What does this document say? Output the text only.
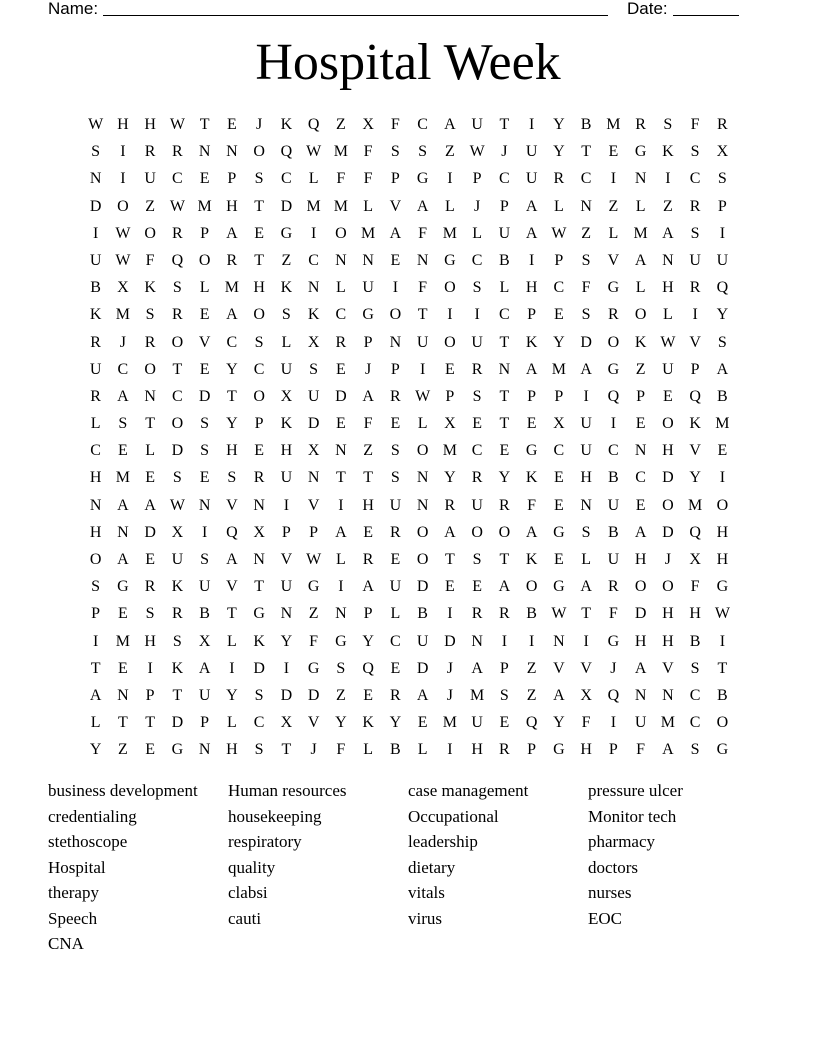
Name:	Date:
Hospital Week
W H H W T	E	J	K Q	Z	X	F	C	A U	T	I	Y	B M R	S	F	R
S	I	R	R	N N O Q W M F	S	S	Z W	J	U Y	T	E	G K	S	X
N	I	U	C	E	P	S	C	L	F	F	P	G	I	P	C	U	R	C	I	N	I	C	S
D O	Z W M H	T	D M M L	V A	L	J	P	A	L	N	Z	L	Z	R	P
I	W O	R	P	A	E	G	I	O M A	F M L	U A W Z	L M A	S	I
U W F	Q O	R	T	Z	C	N N	E	N G	C	B	I	P	S	V A N U U
B	X K	S	L M H K N	L	U	I	F	O	S	L	H	C	F	G	L	H	R	Q
K M S	R	E	A O	S	K	C	G O	T	I	I	C	P	E	S	R	O	L	I	Y
R	J	R	O V	C	S	L	X	R	P	N U O U	T	K Y D O K W V	S
U	C	O	T	E	Y	C	U	S	E	J	P	I	E	R	N A M A G	Z	U	P	A
R	A N	C	D	T	O X U D A	R W P	S	T	P	P	I	Q	P	E	Q	B
L	S	T	O	S	Y	P	K D	E	F	E	L	X	E	T	E	X U	I	E	O K M
C	E	L	D	S	H	E	H X N	Z	S	O M C	E	G	C	U	C	N H V	E
H M E	S	E	S	R	U N	T	T	S	N Y	R	Y K	E	H	B	C	D Y	I
N A A W N V N	I	V	I	H U N	R	U	R	F	E	N U	E	O M O
H N D X	I	Q X	P	P	A	E	R	O A O O A G	S	B	A D Q H
O A	E	U	S	A N V W L	R	E	O	T	S	T	K	E	L	U H	J	X H
S	G	R	K U V	T	U G	I	A U D	E	E	A O G A	R	O O	F	G
P	E	S	R	B	T	G N	Z	N	P	L	B	I	R	R	B W T	F	D H H W
I	M H	S	X	L	K Y	F	G Y	C	U D N	I	I	N	I	G H H	B	I
T	E	I	K A	I	D	I	G	S	Q	E	D	J	A	P	Z	V V	J	A V	S	T
A N	P	T	U Y	S	D D	Z	E	R	A	J	M S	Z	A X Q N N	C	B
L	T	T	D	P	L	C	X V Y K Y	E M U	E	Q Y	F	I	U M C	O
Y	Z	E	G N H	S	T	J	F	L	B	L	I	H	R	P	G H	P	F	A	S	G
business development
credentialing
stethoscope
Hospital
therapy
Speech
CNA
Human resources
housekeeping
respiratory
quality
clabsi
cauti
case management
Occupational
leadership
dietary
vitals
virus
pressure ulcer
Monitor tech
pharmacy
doctors
nurses
EOC
